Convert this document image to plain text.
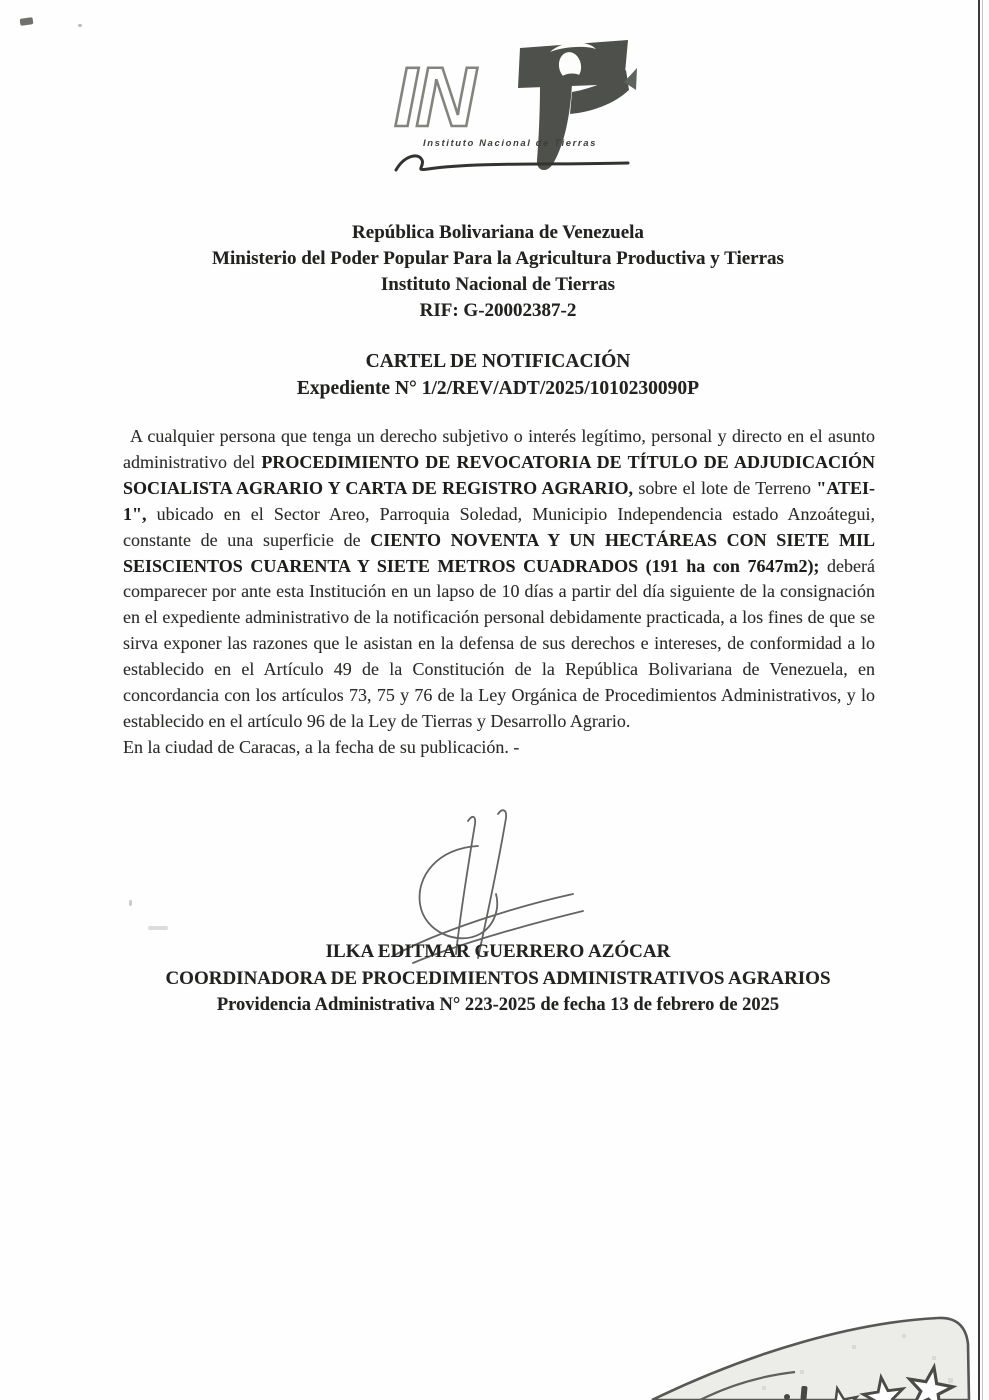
IN
Instituto Nacional de Tierras
República Bolivariana de Venezuela
Ministerio del Poder Popular Para la Agricultura Productiva y Tierras
Instituto Nacional de Tierras
RIF: G-20002387-2
CARTEL DE NOTIFICACIÓN
Expediente N° 1/2/REV/ADT/2025/1010230090P

A cualquier persona que tenga un derecho subjetivo o interés legítimo, personal y directo en el asunto administrativo del PROCEDIMIENTO DE REVOCATORIA DE TÍTULO DE ADJUDICACIÓN SOCIALISTA AGRARIO Y CARTA DE REGISTRO AGRARIO, sobre el lote de Terreno "ATEI-1", ubicado en el Sector Areo, Parroquia Soledad, Municipio Independencia estado Anzoátegui, constante de una superficie de CIENTO NOVENTA Y UN HECTÁREAS CON SIETE MIL SEISCIENTOS CUARENTA Y SIETE METROS CUADRADOS (191 ha con 7647m2); deberá comparecer por ante esta Institución en un lapso de 10 días a partir del día siguiente de la consignación en el expediente administrativo de la notificación personal debidamente practicada, a los fines de que se sirva exponer las razones que le asistan en la defensa de sus derechos e intereses, de conformidad a lo establecido en el Artículo 49 de la Constitución de la República Bolivariana de Venezuela, en concordancia con los artículos 73, 75 y 76 de la Ley Orgánica de Procedimientos Administrativos, y lo establecido en el artículo 96 de la Ley de Tierras y Desarrollo Agrario.

En la ciudad de Caracas, a la fecha de su publicación. -

ILKA EDITMAR GUERRERO AZÓCAR
COORDINADORA DE PROCEDIMIENTOS ADMINISTRATIVOS AGRARIOS
Providencia Administrativa N° 223-2025 de fecha 13 de febrero de 2025
